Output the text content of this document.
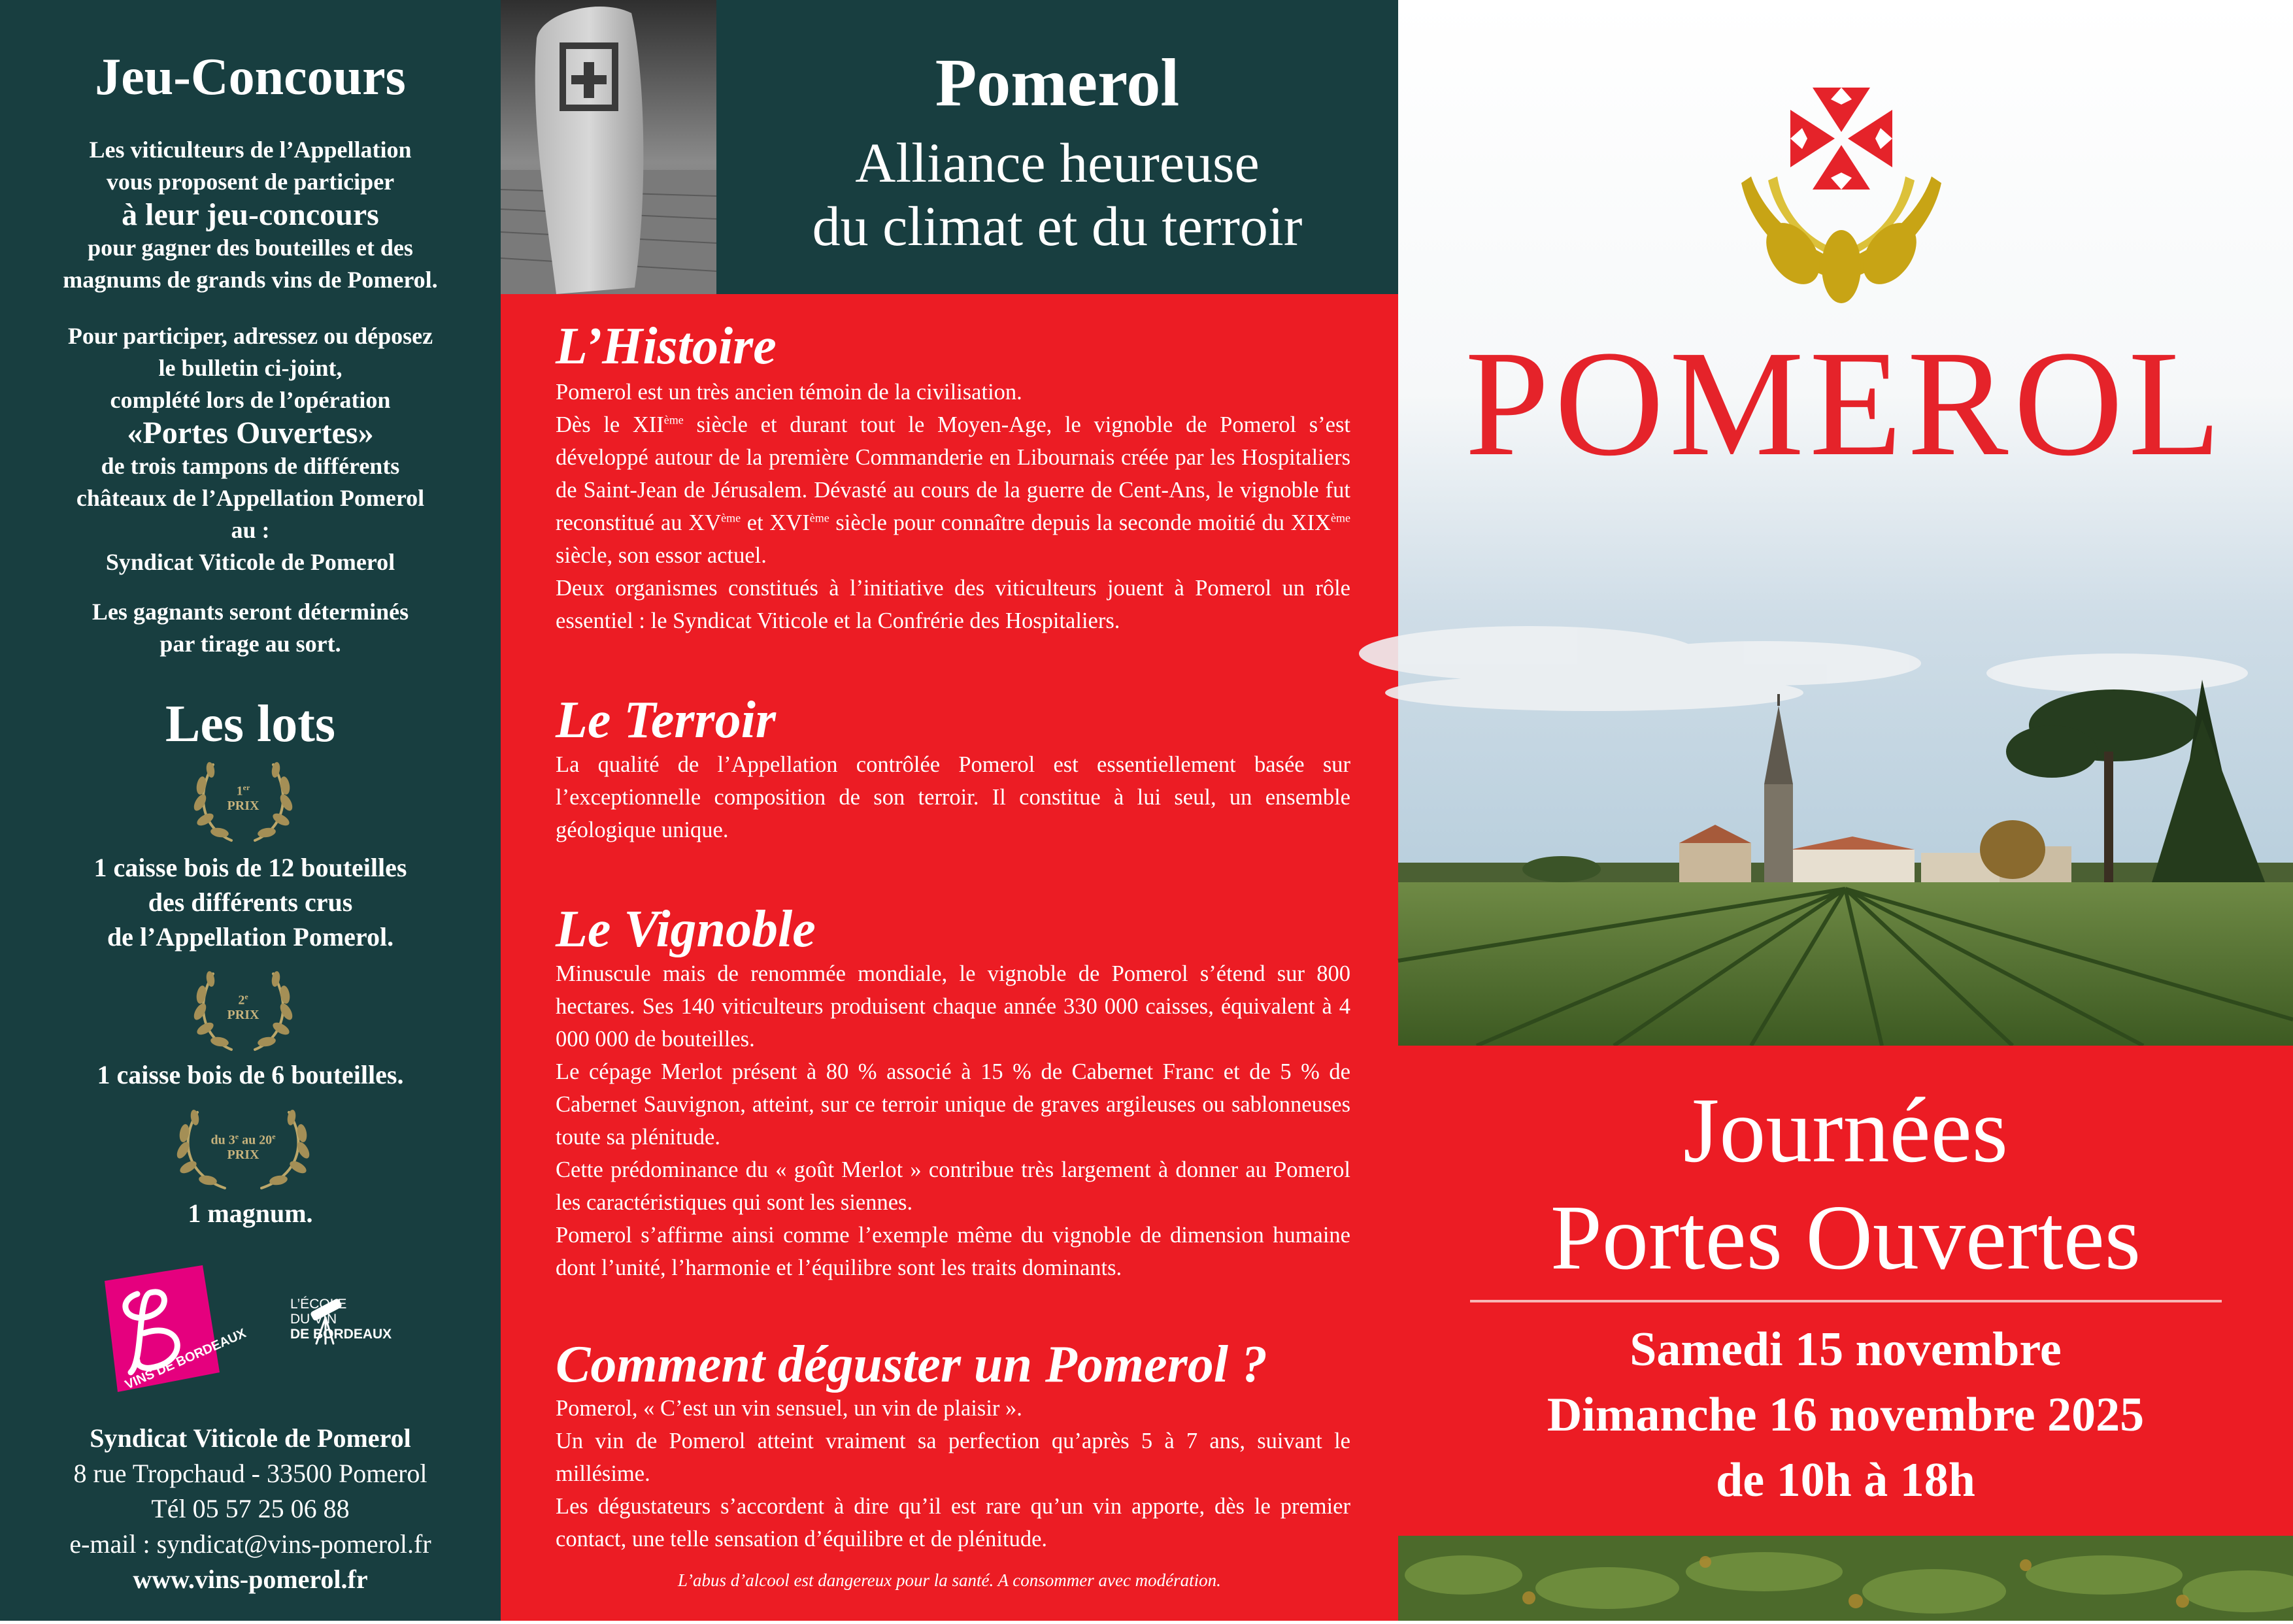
Jeu-Concours
Les viticulteurs de l’Appellation
vous proposent de participer
à leur jeu-concours
pour gagner des bouteilles et des
magnums de grands vins de Pomerol.
Pour participer, adressez ou déposez
le bulletin ci-joint,
complété lors de l’opération
«Portes Ouvertes»
de trois tampons de différents
châteaux de l’Appellation Pomerol
au :
Syndicat Viticole de Pomerol
Les gagnants seront déterminés
par tirage au sort.
Les lots
1er
PRIX
1 caisse bois de 12 bouteilles
des différents crus
de l’Appellation Pomerol.
2e
PRIX
1 caisse bois de 6 bouteilles.
du 3e au 20e
PRIX
1 magnum.
VINS DE BORDEAUX
L’ÉCOLE
DU VIN
DE BORDEAUX
Syndicat Viticole de Pomerol
8 rue Tropchaud - 33500 Pomerol
Tél 05 57 25 06 88
e-mail : syndicat@vins-pomerol.fr
www.vins-pomerol.fr
Pomerol
Alliance heureuse
du climat et du terroir
L’Histoire

Pomerol est un très ancien témoin de la civilisation.

Dès le XIIème siècle et durant tout le Moyen-Age, le vignoble de Pomerol s’est développé autour de la première Commanderie en Libournais créée par les Hospitaliers de Saint-Jean de Jérusalem. Dévasté au cours de la guerre de Cent-Ans, le vignoble fut reconstitué au XVème et XVIème siècle pour connaître depuis la seconde moitié du XIXème siècle, son essor actuel.

Deux organismes constitués à l’initiative des viticulteurs jouent à Pomerol un rôle essentiel : le Syndicat Viticole et la Confrérie des Hospitaliers.

Le Terroir

La qualité de l’Appellation contrôlée Pomerol est essentiellement basée sur l’exceptionnelle composition de son terroir. Il constitue à lui seul, un ensemble géologique unique.

Le Vignoble

Minuscule mais de renommée mondiale, le vignoble de Pomerol s’étend sur 800 hectares. Ses 140 viticulteurs produisent chaque année 330 000 caisses, équivalent à 4 000 000 de bouteilles.

Le cépage Merlot présent à 80 % associé à 15 % de Cabernet Franc et de 5 % de Cabernet Sauvignon, atteint, sur ce terroir unique de graves argileuses ou sablonneuses toute sa plénitude.

Cette prédominance du « goût Merlot » contribue très largement à donner au Pomerol les caractéristiques qui sont les siennes.

Pomerol s’affirme ainsi comme l’exemple même du vignoble de dimension humaine dont l’unité, l’harmonie et l’équilibre sont les traits dominants.

Comment déguster un Pomerol ?

Pomerol, « C’est un vin sensuel, un vin de plaisir ».

Un vin de Pomerol atteint vraiment sa perfection qu’après 5 à 7 ans, suivant le millésime.

Les dégustateurs s’accordent à dire qu’il est rare qu’un vin apporte, dès le premier contact, une telle sensation d’équilibre et de plénitude.

L’abus d’alcool est dangereux pour la santé. A consommer avec modération.
POMEROL
Journées
Portes Ouvertes
Samedi 15 novembre
Dimanche 16 novembre 2025
de 10h à 18h
